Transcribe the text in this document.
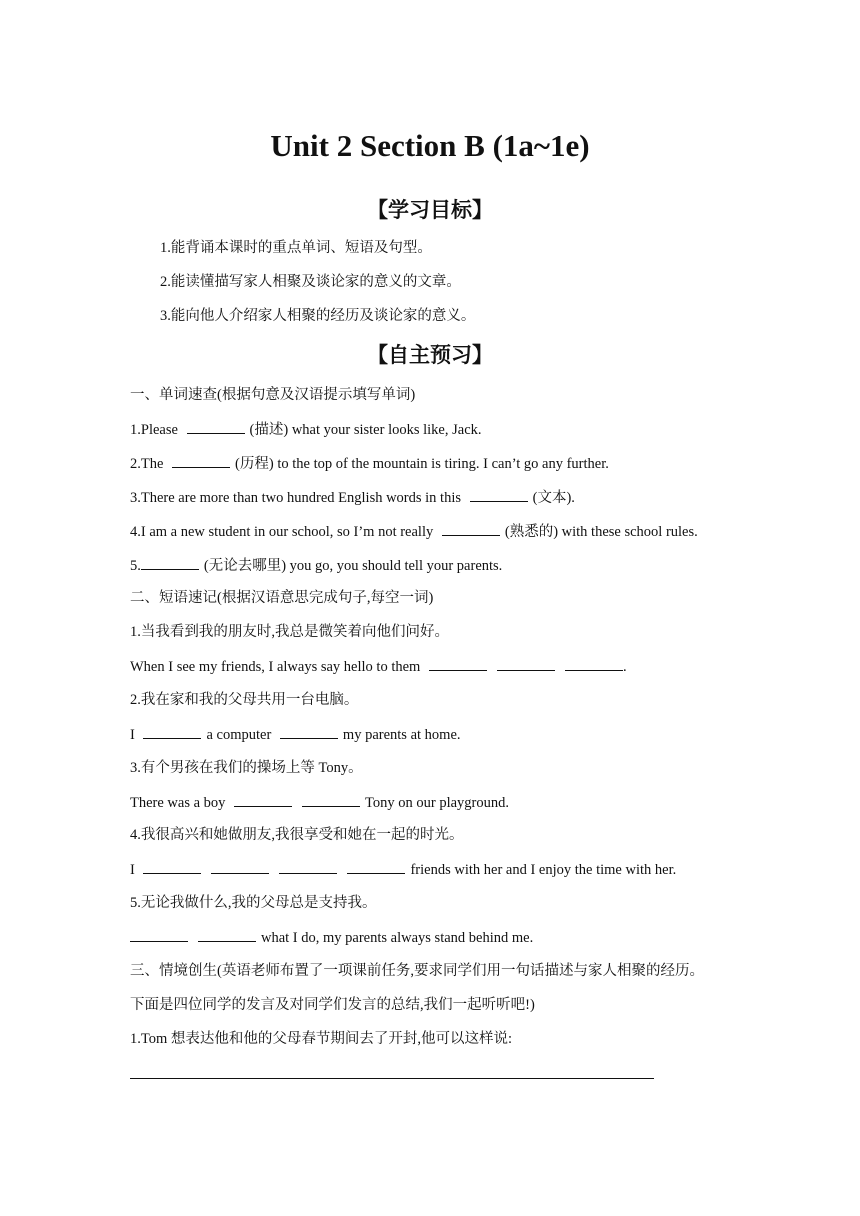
Unit 2 Section B (1a~1e)
【学习目标】
1.能背诵本课时的重点单词、短语及句型。
2.能读懂描写家人相聚及谈论家的意义的文章。
3.能向他人介绍家人相聚的经历及谈论家的意义。
【自主预习】
一、单词速查(根据句意及汉语提示填写单词)
1.Please	(描述) what your sister looks like, Jack.
2.The	(历程) to the top of the mountain is tiring. I can’t go any further.
3.There are more than two hundred English words in this	(文本).
4.I am a new student in our school, so I’m not really	(熟悉的) with these school rules.
5.	(无论去哪里) you go, you should tell your parents.
二、短语速记(根据汉语意思完成句子,每空一词)
1.当我看到我的朋友时,我总是微笑着向他们问好。
When I see my friends, I always say hello to them	.
2.我在家和我的父母共用一台电脑。
I	a computer	my parents at home.
3.有个男孩在我们的操场上等 Tony。
There was a boy	Tony on our playground.
4.我很高兴和她做朋友,我很享受和她在一起的时光。
I	friends with her and I enjoy the time with her.
5.无论我做什么,我的父母总是支持我。
what I do, my parents always stand behind me.
三、情境创生(英语老师布置了一项课前任务,要求同学们用一句话描述与家人相聚的经历。
下面是四位同学的发言及对同学们发言的总结,我们一起听听吧!)
1.Tom 想表达他和他的父母春节期间去了开封,他可以这样说:
